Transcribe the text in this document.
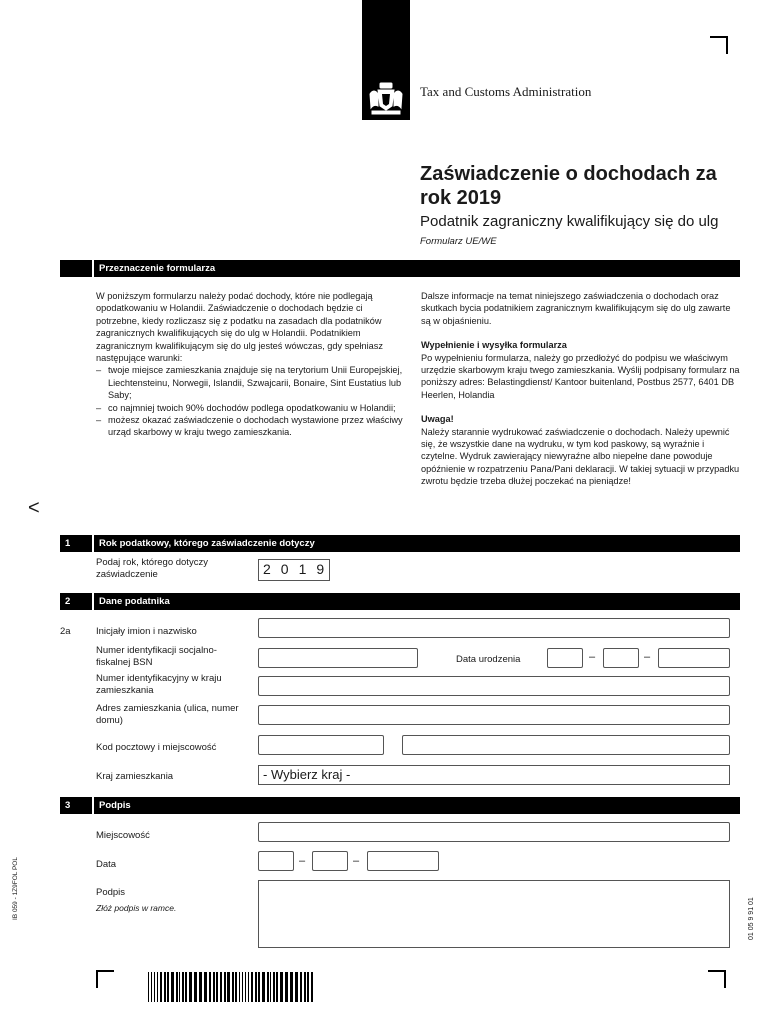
Tax and Customs Administration
Zaświadczenie o dochodach za rok 2019
Podatnik zagraniczny kwalifikujący się do ulg
Formularz UE/WE
Przeznaczenie formularza

W poniższym formularzu należy podać dochody, które nie podlegają opodatkowaniu w Holandii. Zaświadczenie o dochodach będzie ci potrzebne, kiedy rozliczasz się z podatku na zasadach dla podatników zagranicznych kwalifikujących się do ulg w Holandii. Podatnikiem zagranicznym kwalifikującym się do ulg jesteś wówczas, gdy spełniasz następujące warunki:

– twoje miejsce zamieszkania znajduje się na terytorium Unii Europejskiej, Liechtensteinu, Norwegii, Islandii, Szwajcarii, Bonaire, Sint Eustatius lub Saby;
– co najmniej twoich 90% dochodów podlega opodatkowaniu w Holandii;
– możesz okazać zaświadczenie o dochodach wystawione przez właściwy urząd skarbowy w kraju twego zamieszkania.

Dalsze informacje na temat niniejszego zaświadczenia o dochodach oraz skutkach bycia podatnikiem zagranicznym kwalifikującym się do ulg zawarte są w objaśnieniu.

Wypełnienie i wysyłka formularza

Po wypełnieniu formularza, należy go przedłożyć do podpisu we właściwym urzędzie skarbowym kraju twego zamieszkania. Wyślij podpisany formularz na poniższy adres: Belastingdienst/ Kantoor buitenland, Postbus 2577, 6401 DB Heerlen, Holandia

Uwaga!

Należy starannie wydrukować zaświadczenie o dochodach. Należy upewnić się, że wszystkie dane na wydruku, w tym kod paskowy, są wyraźnie i czytelne. Wydruk zawierający niewyraźne albo niepełne dane powoduje opóźnienie w rozpatrzeniu Pana/Pani deklaracji. W takiej sytuacji w przypadku zwrotu będzie trzeba dłużej poczekać na pieniądze!

<
1	Rok podatkowy, którego zaświadczenie dotyczy
Podaj rok, którego dotyczy zaświadczenie	2 0 1 9
2	Dane podatnika
2a	Inicjały imion i nazwisko
Numer identyfikacji socjalno-fiskalnej BSN	Data urodzenia	–	–
Numer identyfikacyjny w kraju zamieszkania
Adres zamieszkania (ulica, numer domu)
Kod pocztowy i miejscowość
Kraj zamieszkania	- Wybierz kraj -
3	Podpis
Miejscowość
Data	–	–
Podpis
Złóż podpis w ramce.
IB 059 - 1Z9FOL POL	01 05 9 91 01
